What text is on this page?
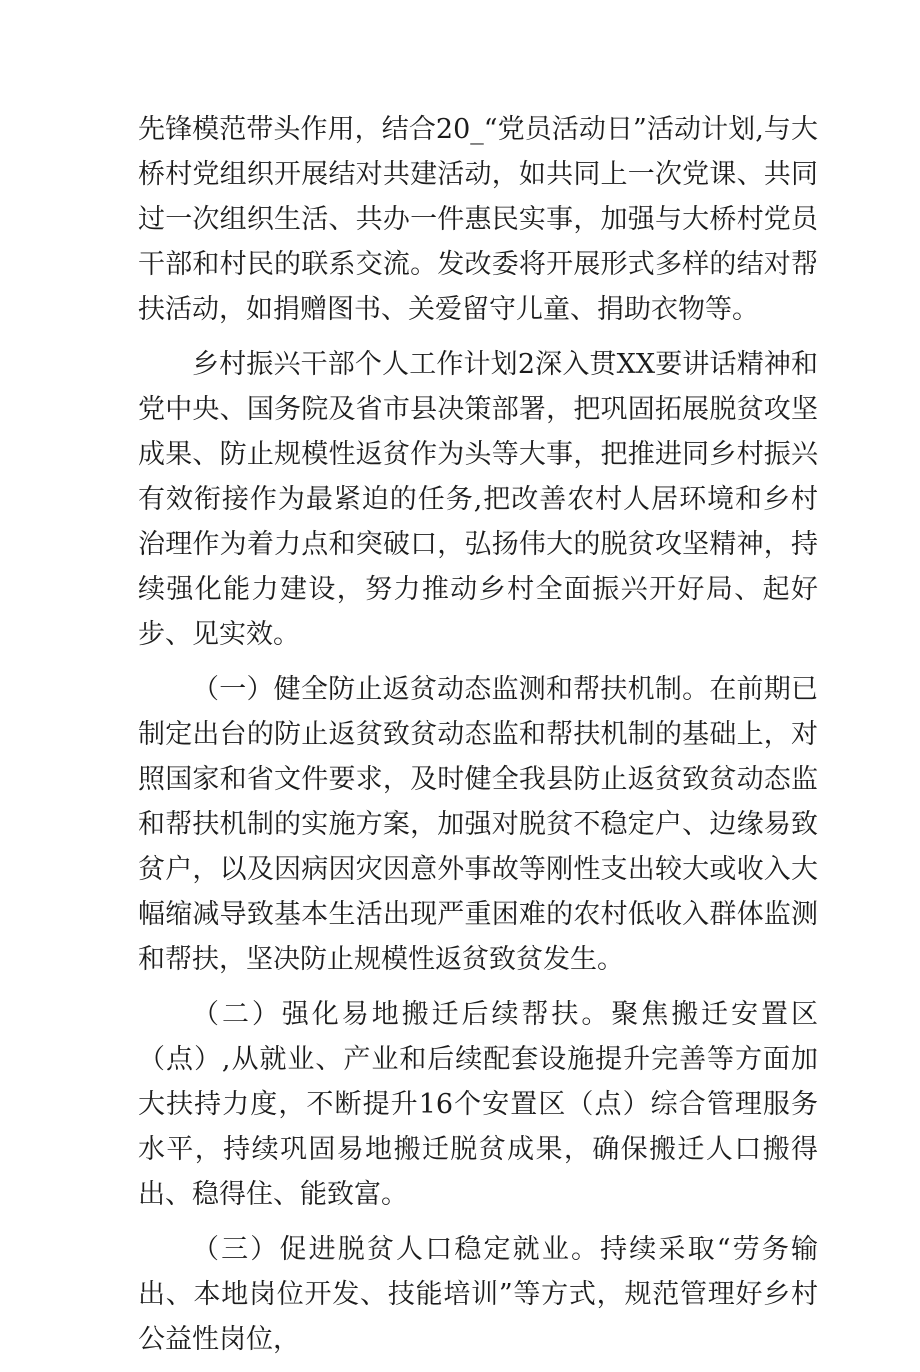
先锋模范带头作用，结合20_“党员活动日”活动计划,与大桥村党组织开展结对共建活动，如共同上一次党课、共同过一次组织生活、共办一件惠民实事，加强与大桥村党员干部和村民的联系交流。发改委将开展形式多样的结对帮扶活动，如捐赠图书、关爱留守儿童、捐助衣物等。

乡村振兴干部个人工作计划2深入贯XX要讲话精神和党中央、国务院及省市县决策部署，把巩固拓展脱贫攻坚成果、防止规模性返贫作为头等大事，把推进同乡村振兴有效衔接作为最紧迫的任务,把改善农村人居环境和乡村治理作为着力点和突破口，弘扬伟大的脱贫攻坚精神，持续强化能力建设，努力推动乡村全面振兴开好局、起好步、见实效。

（一）健全防止返贫动态监测和帮扶机制。在前期已制定出台的防止返贫致贫动态监和帮扶机制的基础上，对照国家和省文件要求，及时健全我县防止返贫致贫动态监和帮扶机制的实施方案，加强对脱贫不稳定户、边缘易致贫户，以及因病因灾因意外事故等刚性支出较大或收入大幅缩减导致基本生活出现严重困难的农村低收入群体监测和帮扶，坚决防止规模性返贫致贫发生。

（二）强化易地搬迁后续帮扶。聚焦搬迁安置区（点）,从就业、产业和后续配套设施提升完善等方面加大扶持力度，不断提升16个安置区（点）综合管理服务水平，持续巩固易地搬迁脱贫成果，确保搬迁人口搬得出、稳得住、能致富。

（三）促进脱贫人口稳定就业。持续采取“劳务输出、本地岗位开发、技能培训”等方式，规范管理好乡村公益性岗位，
